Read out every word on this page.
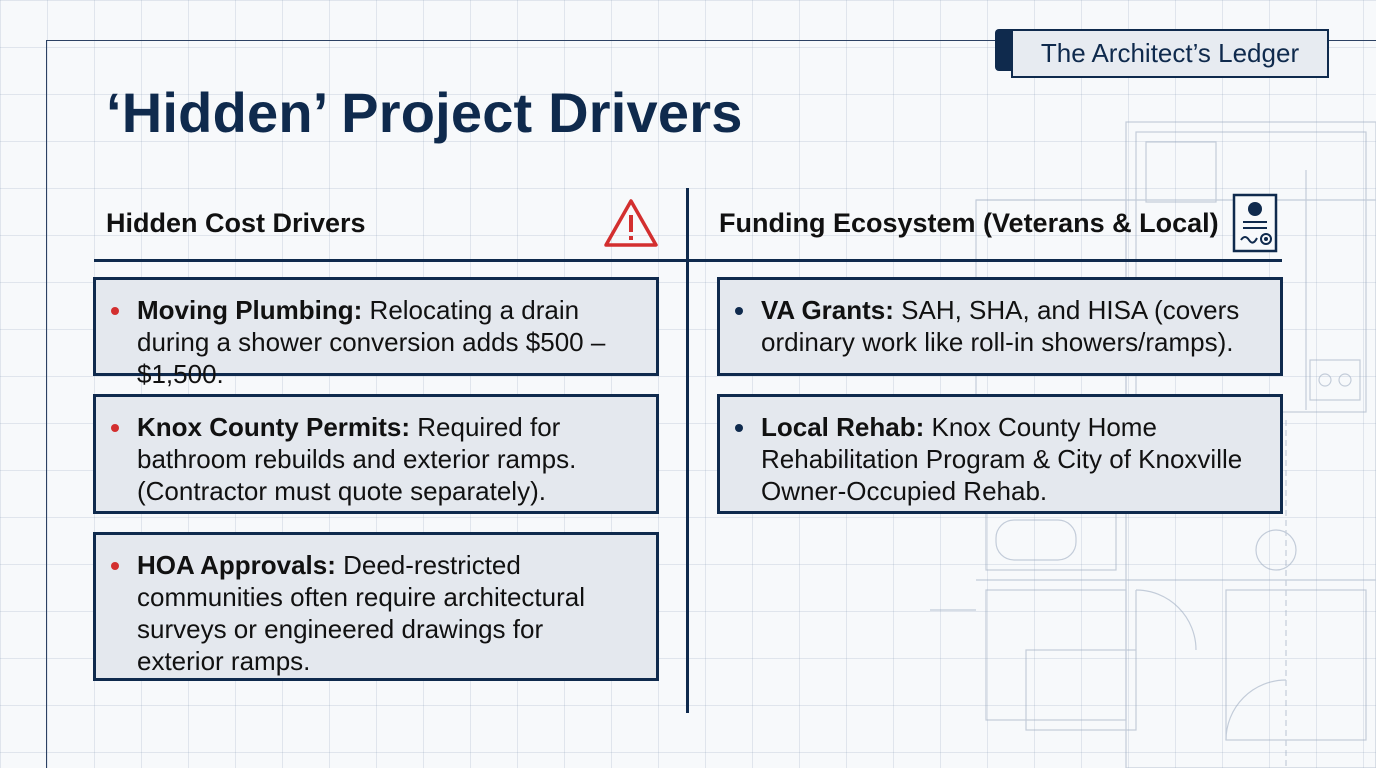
The Architect’s Ledger
‘Hidden’ Project Drivers
Hidden Cost Drivers
Moving Plumbing: Relocating a drain during a shower conversion adds $500 – $1,500.
Knox County Permits: Required for bathroom rebuilds and exterior ramps. (Contractor must quote separately).
HOA Approvals: Deed-restricted communities often require architectural surveys or engineered drawings for exterior ramps.
Funding Ecosystem (Veterans & Local)
VA Grants: SAH, SHA, and HISA (covers ordinary work like roll-in showers/ramps).
Local Rehab: Knox County Home Rehabilitation Program & City of Knoxville Owner-Occupied Rehab.
